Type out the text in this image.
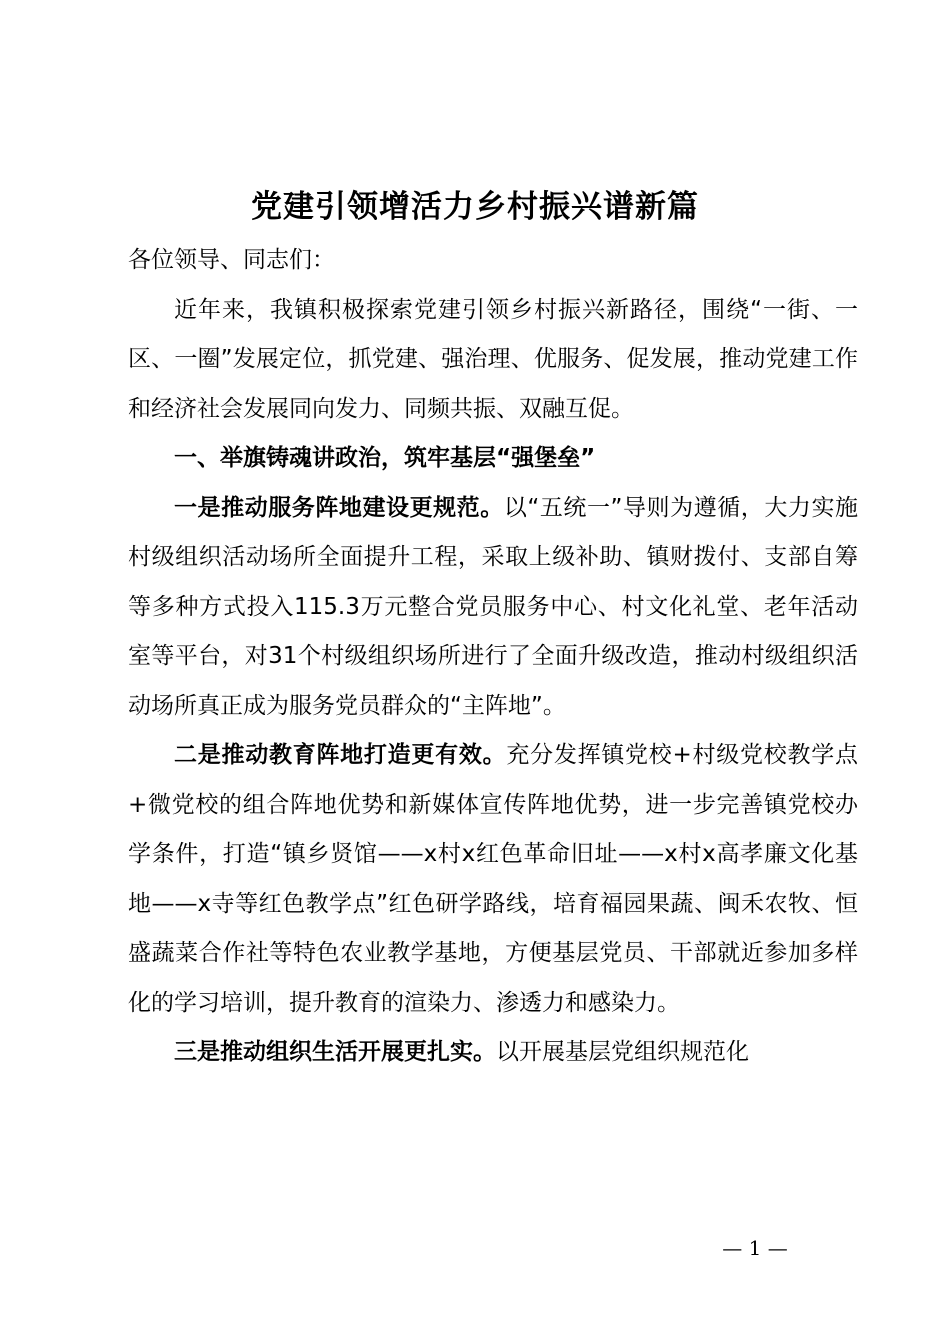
党建引领增活力乡村振兴谱新篇

各位领导、同志们：

近年来，我镇积极探索党建引领乡村振兴新路径，围绕“一街、一区、一圈”发展定位，抓党建、强治理、优服务、促发展，推动党建工作和经济社会发展同向发力、同频共振、双融互促。

一、举旗铸魂讲政治，筑牢基层“强堡垒”

一是推动服务阵地建设更规范。以“五统一”导则为遵循，大力实施村级组织活动场所全面提升工程，采取上级补助、镇财拨付、支部自筹等多种方式投入115.3万元整合党员服务中心、村文化礼堂、老年活动室等平台，对31个村级组织场所进行了全面升级改造，推动村级组织活动场所真正成为服务党员群众的“主阵地”。

二是推动教育阵地打造更有效。充分发挥镇党校+村级党校教学点+微党校的组合阵地优势和新媒体宣传阵地优势，进一步完善镇党校办学条件，打造“镇乡贤馆——x村x红色革命旧址——x村x高孝廉文化基地——x寺等红色教学点”红色研学路线，培育福园果蔬、闽禾农牧、恒盛蔬菜合作社等特色农业教学基地，方便基层党员、干部就近参加多样化的学习培训，提升教育的渲染力、渗透力和感染力。

三是推动组织生活开展更扎实。以开展基层党组织规范化

— 1 —
